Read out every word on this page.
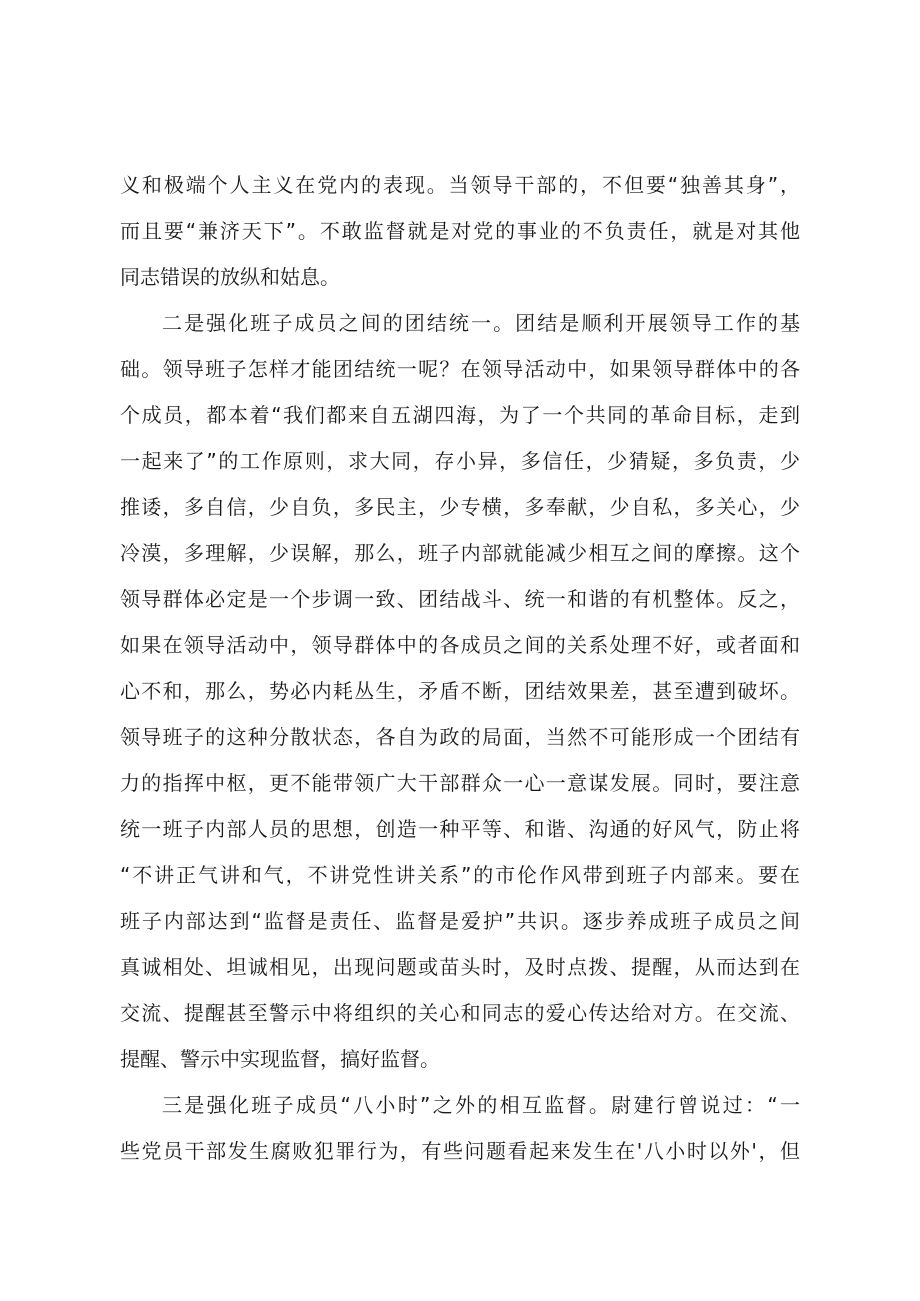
义和极端个人主义在党内的表现。当领导干部的，不但要“独善其身”，
而且要“兼济天下”。不敢监督就是对党的事业的不负责任，就是对其他
同志错误的放纵和姑息。
二是强化班子成员之间的团结统一。团结是顺利开展领导工作的基
础。领导班子怎样才能团结统一呢？在领导活动中，如果领导群体中的各
个成员，都本着“我们都来自五湖四海，为了一个共同的革命目标，走到
一起来了”的工作原则，求大同，存小异，多信任，少猜疑，多负责，少
推诿，多自信，少自负，多民主，少专横，多奉献，少自私，多关心，少
冷漠，多理解，少误解，那么，班子内部就能减少相互之间的摩擦。这个
领导群体必定是一个步调一致、团结战斗、统一和谐的有机整体。反之，
如果在领导活动中，领导群体中的各成员之间的关系处理不好，或者面和
心不和，那么，势必内耗丛生，矛盾不断，团结效果差，甚至遭到破坏。
领导班子的这种分散状态，各自为政的局面，当然不可能形成一个团结有
力的指挥中枢，更不能带领广大干部群众一心一意谋发展。同时，要注意
统一班子内部人员的思想，创造一种平等、和谐、沟通的好风气，防止将
“不讲正气讲和气，不讲党性讲关系”的市伦作风带到班子内部来。要在
班子内部达到“监督是责任、监督是爱护”共识。逐步养成班子成员之间
真诚相处、坦诚相见，出现问题或苗头时，及时点拨、提醒，从而达到在
交流、提醒甚至警示中将组织的关心和同志的爱心传达给对方。在交流、
提醒、警示中实现监督，搞好监督。
三是强化班子成员“八小时”之外的相互监督。尉建行曾说过：“一
些党员干部发生腐败犯罪行为，有些问题看起来发生在'八小时以外'，但
